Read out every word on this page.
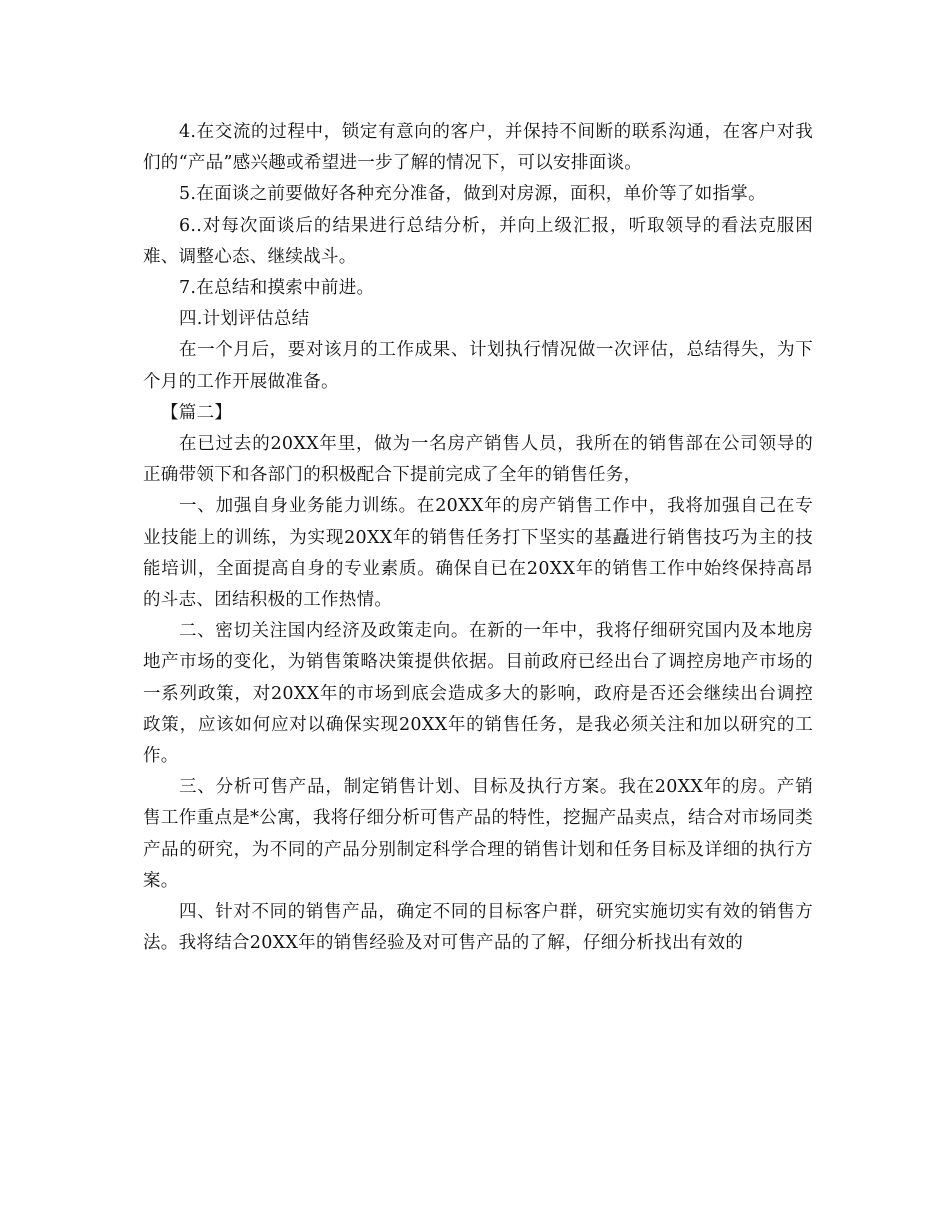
4.在交流的过程中，锁定有意向的客户，并保持不间断的联系沟通，在客户对我们的“产品”感兴趣或希望进一步了解的情况下，可以安排面谈。

5.在面谈之前要做好各种充分准备，做到对房源，面积，单价等了如指掌。

6..对每次面谈后的结果进行总结分析，并向上级汇报，听取领导的看法克服困难、调整心态、继续战斗。

7.在总结和摸索中前进。

四.计划评估总结

在一个月后，要对该月的工作成果、计划执行情况做一次评估，总结得失，为下个月的工作开展做准备。

【篇二】

在已过去的20XX年里，做为一名房产销售人员，我所在的销售部在公司领导的正确带领下和各部门的积极配合下提前完成了全年的销售任务，

一、加强自身业务能力训练。在20XX年的房产销售工作中，我将加强自己在专业技能上的训练，为实现20XX年的销售任务打下坚实的基矗进行销售技巧为主的技能培训，全面提高自身的专业素质。确保自已在20XX年的销售工作中始终保持高昂的斗志、团结积极的工作热情。

二、密切关注国内经济及政策走向。在新的一年中，我将仔细研究国内及本地房地产市场的变化，为销售策略决策提供依据。目前政府已经出台了调控房地产市场的一系列政策，对20XX年的市场到底会造成多大的影响，政府是否还会继续出台调控政策，应该如何应对以确保实现20XX年的销售任务，是我必须关注和加以研究的工作。

三、分析可售产品，制定销售计划、目标及执行方案。我在20XX年的房。产销售工作重点是*公寓，我将仔细分析可售产品的特性，挖掘产品卖点，结合对市场同类产品的研究，为不同的产品分别制定科学合理的销售计划和任务目标及详细的执行方案。

四、针对不同的销售产品，确定不同的目标客户群，研究实施切实有效的销售方法。我将结合20XX年的销售经验及对可售产品的了解，仔细分析找出有效的
